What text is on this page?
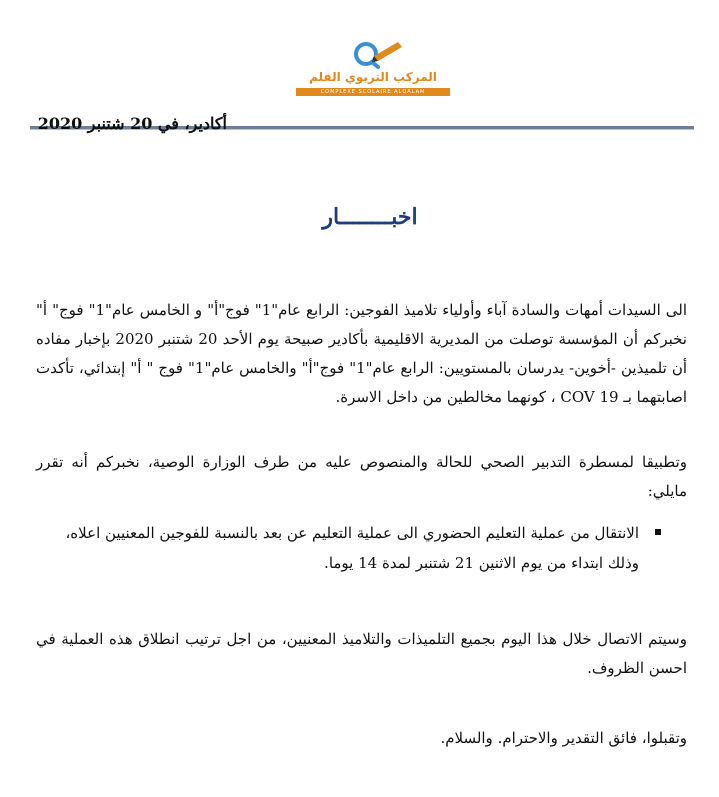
المركب التربوي القلم
COMPLEXE SCOLAIRE ALQALAM
أكادير، في 20 شتنبر 2020
اخبــــــــار
الى السيدات أمهات والسادة آباء وأولياء تلاميذ الفوجين: الرابع عام"1" فوج"أ" و الخامس عام"1" فوج" أ" نخبركم أن المؤسسة توصلت من المديرية الاقليمية بأكادير صبيحة يوم الأحد 20 شتنبر 2020 بإخبار مفاده أن تلميذين -أخوين- يدرسان بالمستويين: الرابع عام"1" فوج"أ" والخامس عام"1" فوج " أ" إبتدائي، تأكدت اصابتهما بـ COV 19 ، كونهما مخالطين من داخل الاسرة.
وتطبيقا لمسطرة التدبير الصحي للحالة والمنصوص عليه من طرف الوزارة الوصية، نخبركم أنه تقرر مايلي:
الانتقال من عملية التعليم الحضوري الى عملية التعليم عن بعد بالنسبة للفوجين المعنيين اعلاه، وذلك ابتداء من يوم الاثنين 21 شتنبر لمدة 14 يوما.
وسيتم الاتصال خلال هذا اليوم بجميع التلميذات والتلاميذ المعنيين، من اجل ترتيب انطلاق هذه العملية في احسن الظروف.
وتقبلوا، فائق التقدير والاحترام. والسلام.
